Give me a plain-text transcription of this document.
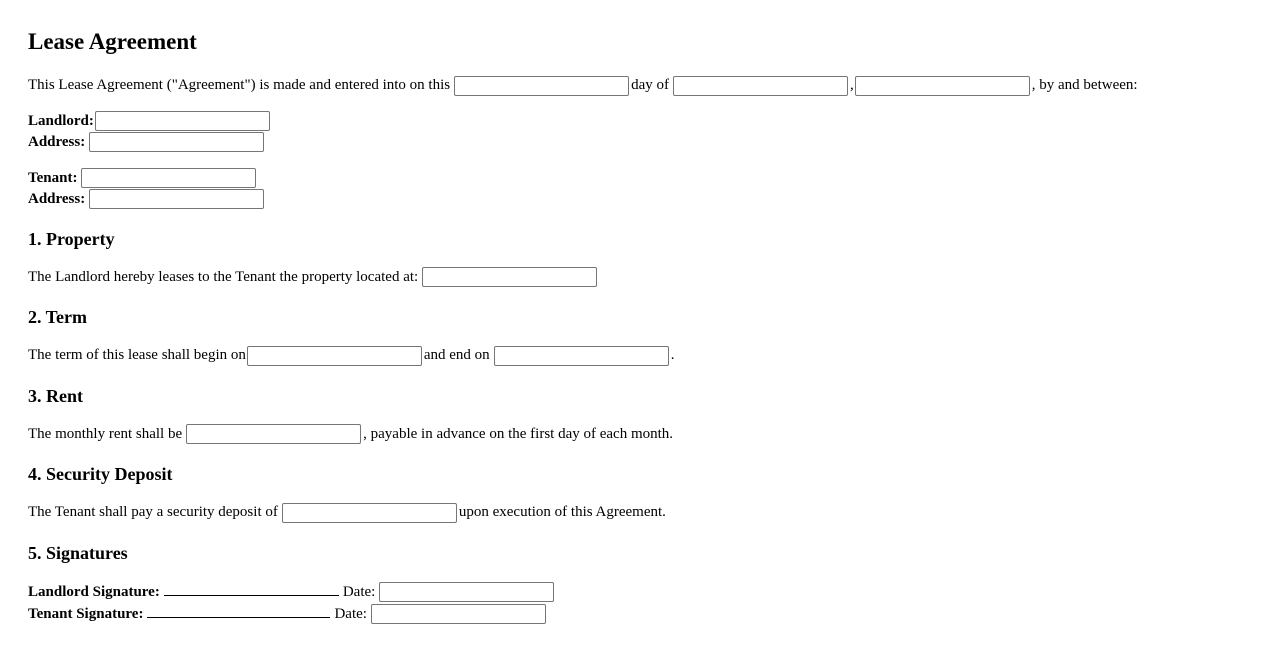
Lease Agreement

This Lease Agreement ("Agreement") is made and entered into on this	day of	,	, by and between:

Landlord:
Address:
Tenant:
Address:
1. Property

The Landlord hereby leases to the Tenant the property located at:

2. Term

The term of this lease shall begin on	and end on	.

3. Rent

The monthly rent shall be	, payable in advance on the first day of each month.

4. Security Deposit

The Tenant shall pay a security deposit of	upon execution of this Agreement.

5. Signatures
Landlord Signature:	Date:
Tenant Signature:	Date:
